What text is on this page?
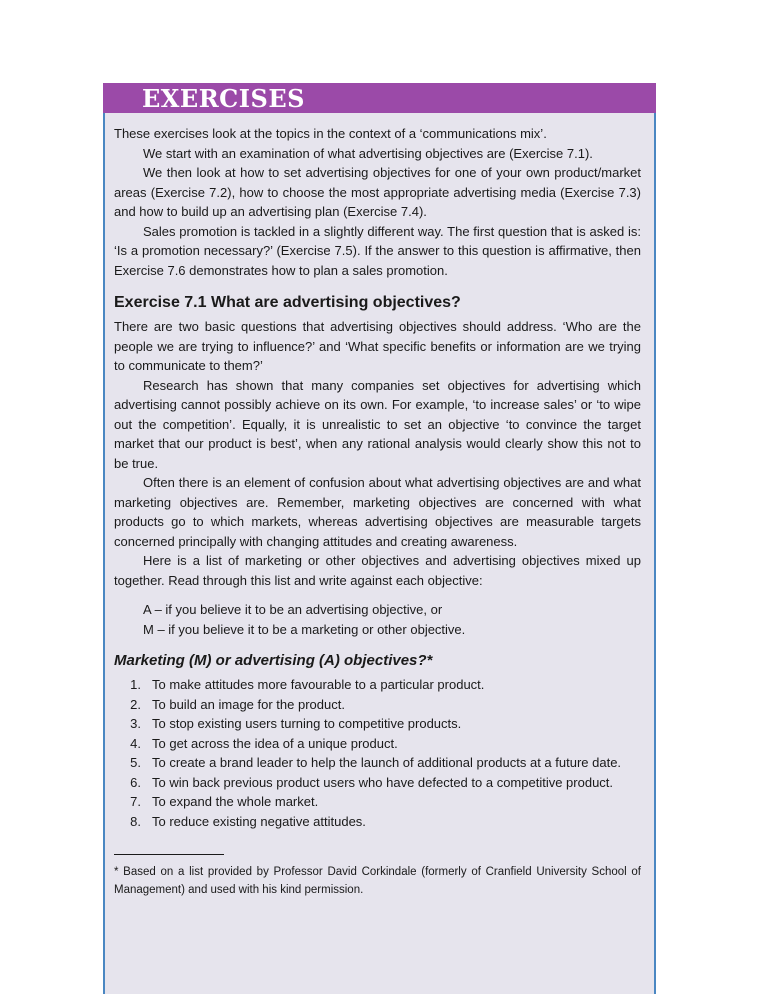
EXERCISES

These exercises look at the topics in the context of a ‘communications mix’.

We start with an examination of what advertising objectives are (Exercise 7.1).

We then look at how to set advertising objectives for one of your own product/market areas (Exercise 7.2), how to choose the most appropriate advertising media (Exercise 7.3) and how to build up an advertising plan (Exercise 7.4).

Sales promotion is tackled in a slightly different way. The first question that is asked is: ‘Is a promotion necessary?’ (Exercise 7.5). If the answer to this question is affirmative, then Exercise 7.6 demonstrates how to plan a sales promotion.

Exercise 7.1 What are advertising objectives?

There are two basic questions that advertising objectives should address. ‘Who are the people we are trying to influence?’ and ‘What specific benefits or information are we trying to communicate to them?’

Research has shown that many companies set objectives for advertising which advertising cannot possibly achieve on its own. For example, ‘to increase sales’ or ‘to wipe out the competition’. Equally, it is unrealistic to set an objective ‘to convince the target market that our product is best’, when any rational analysis would clearly show this not to be true.

Often there is an element of confusion about what advertising objectives are and what marketing objectives are. Remember, marketing objectives are concerned with what products go to which markets, whereas advertising objectives are measurable targets concerned principally with changing attitudes and creating awareness.

Here is a list of marketing or other objectives and advertising objectives mixed up together. Read through this list and write against each objective:

A – if you believe it to be an advertising objective, or
M – if you believe it to be a marketing or other objective.
Marketing (M) or advertising (A) objectives?*
1. To make attitudes more favourable to a particular product.
2. To build an image for the product.
3. To stop existing users turning to competitive products.
4. To get across the idea of a unique product.
5. To create a brand leader to help the launch of additional products at a future date.
6. To win back previous product users who have defected to a competitive product.
7. To expand the whole market.
8. To reduce existing negative attitudes.

* Based on a list provided by Professor David Corkindale (formerly of Cranfield University School of Management) and used with his kind permission.
